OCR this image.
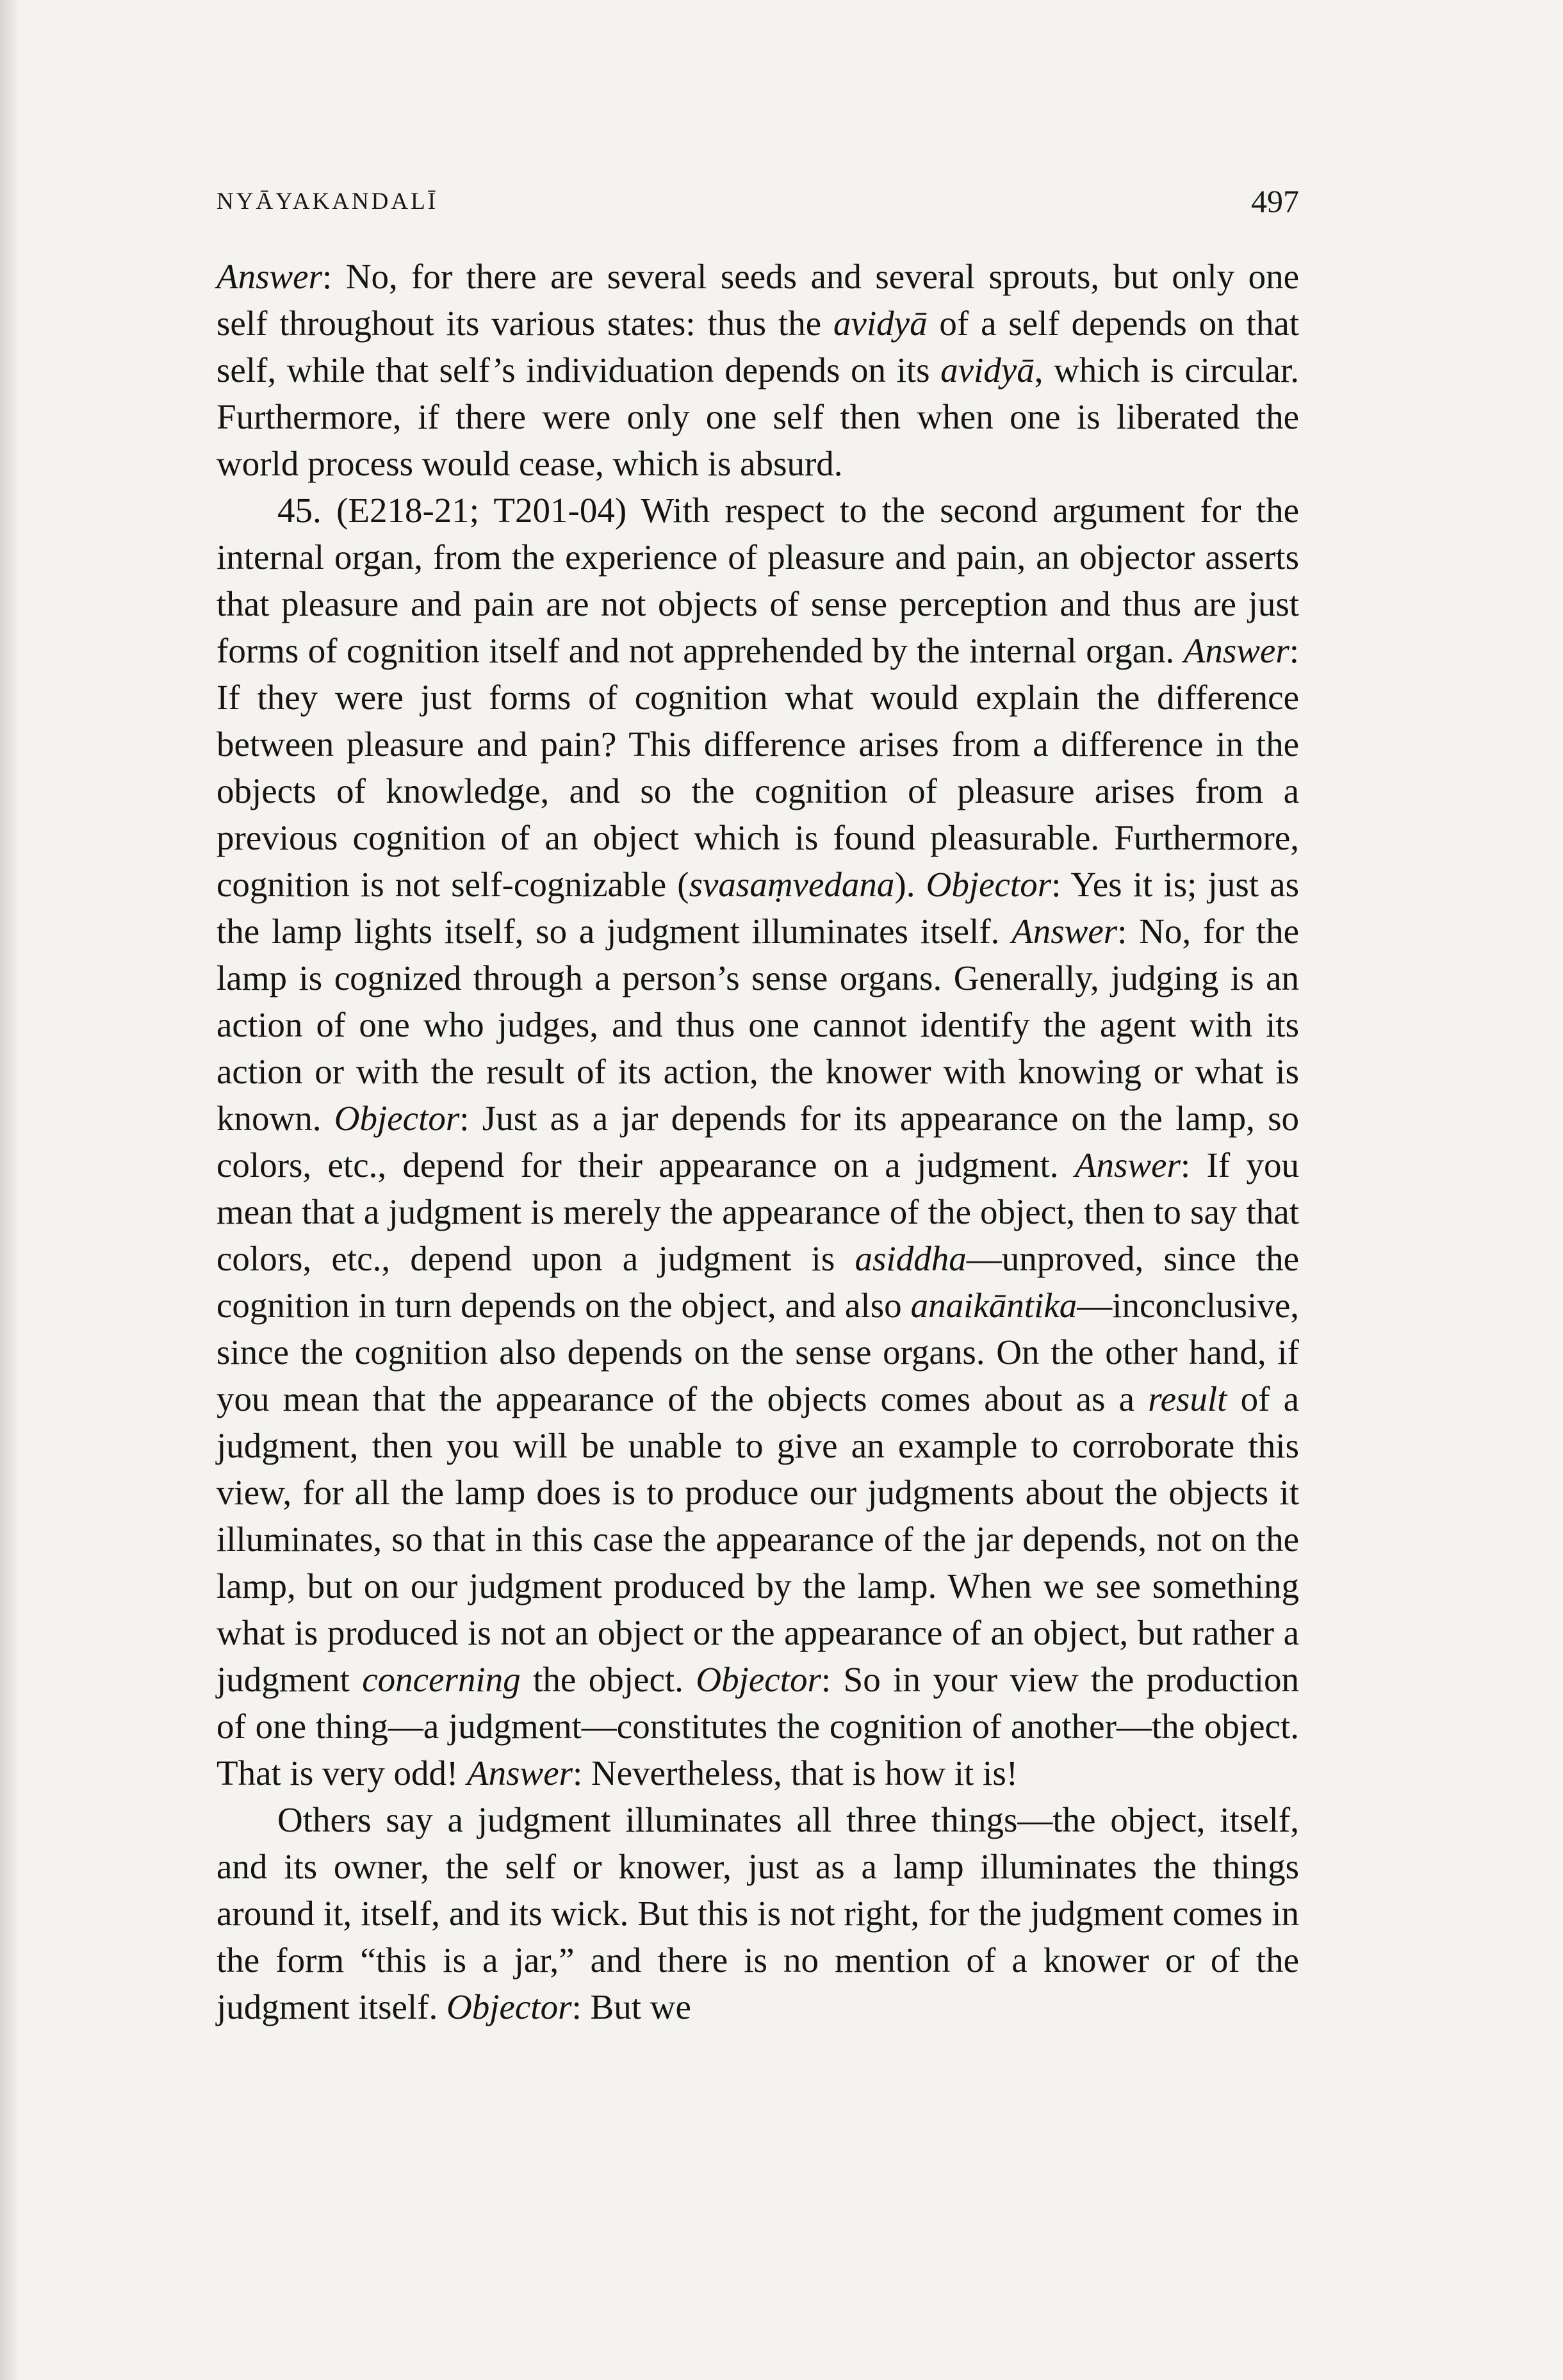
NYĀYAKANDALĪ	497

Answer: No, for there are several seeds and several sprouts, but only one self throughout its various states: thus the avidyā of a self depends on that self, while that self’s individuation depends on its avidyā, which is circular. Furthermore, if there were only one self then when one is liberated the world process would cease, which is absurd.

45. (E218-21; T201-04) With respect to the second argument for the internal organ, from the experience of pleasure and pain, an objector asserts that pleasure and pain are not objects of sense perception and thus are just forms of cognition itself and not apprehended by the internal organ. Answer: If they were just forms of cognition what would explain the difference between pleasure and pain? This difference arises from a difference in the objects of knowledge, and so the cognition of pleasure arises from a previous cognition of an object which is found pleasurable. Furthermore, cognition is not self-cognizable (svasaṃvedana). Objector: Yes it is; just as the lamp lights itself, so a judgment illuminates itself. Answer: No, for the lamp is cognized through a person’s sense organs. Generally, judging is an action of one who judges, and thus one cannot identify the agent with its action or with the result of its action, the knower with knowing or what is known. Objector: Just as a jar depends for its appearance on the lamp, so colors, etc., depend for their appearance on a judgment. Answer: If you mean that a judgment is merely the appearance of the object, then to say that colors, etc., depend upon a judgment is asiddha—unproved, since the cognition in turn depends on the object, and also anaikāntika—inconclusive, since the cognition also depends on the sense organs. On the other hand, if you mean that the appearance of the objects comes about as a result of a judgment, then you will be unable to give an example to corroborate this view, for all the lamp does is to produce our judgments about the objects it illuminates, so that in this case the appearance of the jar depends, not on the lamp, but on our judgment produced by the lamp. When we see something what is produced is not an object or the appearance of an object, but rather a judgment concerning the object. Objector: So in your view the production of one thing—a judgment—constitutes the cognition of another—the object. That is very odd! Answer: Nevertheless, that is how it is!

Others say a judgment illuminates all three things—the object, itself, and its owner, the self or knower, just as a lamp illuminates the things around it, itself, and its wick. But this is not right, for the judgment comes in the form “this is a jar,” and there is no mention of a knower or of the judgment itself. Objector: But we
